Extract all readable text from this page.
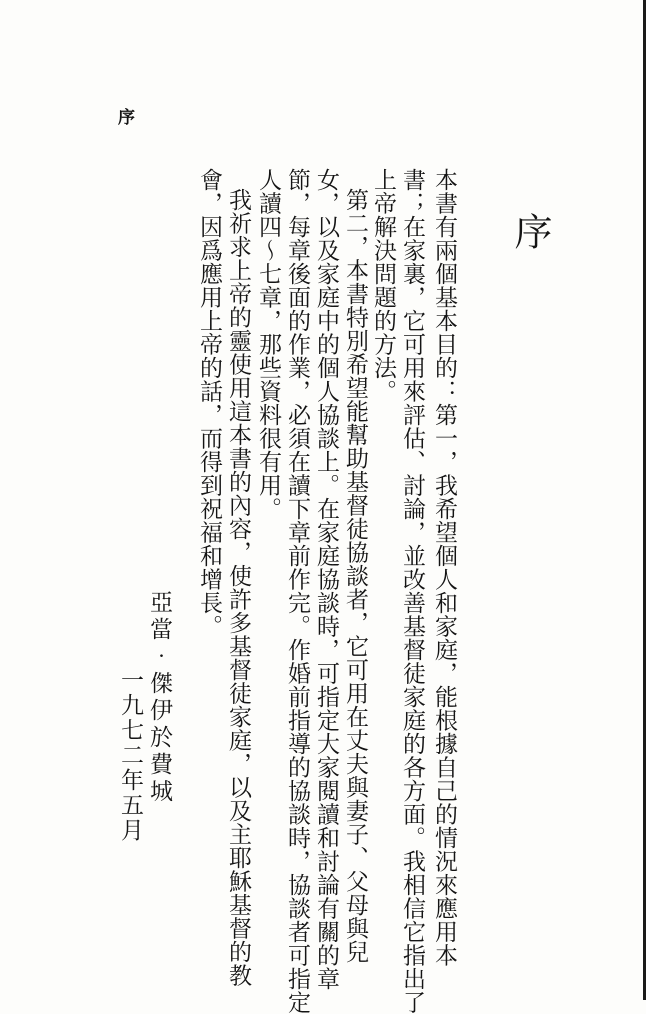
序
序
本書有兩個基本目的：第一，我希望個人和家庭，能根據自己的情況來應用本
書；在家裏，它可用來評估、討論，並改善基督徒家庭的各方面。我相信它指出了
上帝解決問題的方法。
第二，本書特別希望能幫助基督徒協談者，它可用在丈夫與妻子、父母與兒
女，以及家庭中的個人協談上。在家庭協談時，可指定大家閱讀和討論有關的章
節，每章後面的作業，必須在讀下章前作完。作婚前指導的協談時，協談者可指定
人讀四～七章，那些資料很有用。
我祈求上帝的靈使用這本書的內容，使許多基督徒家庭，以及主耶穌基督的教
會，因爲應用上帝的話，而得到祝福和增長。
亞當‧傑伊於費城
一九七二年五月
